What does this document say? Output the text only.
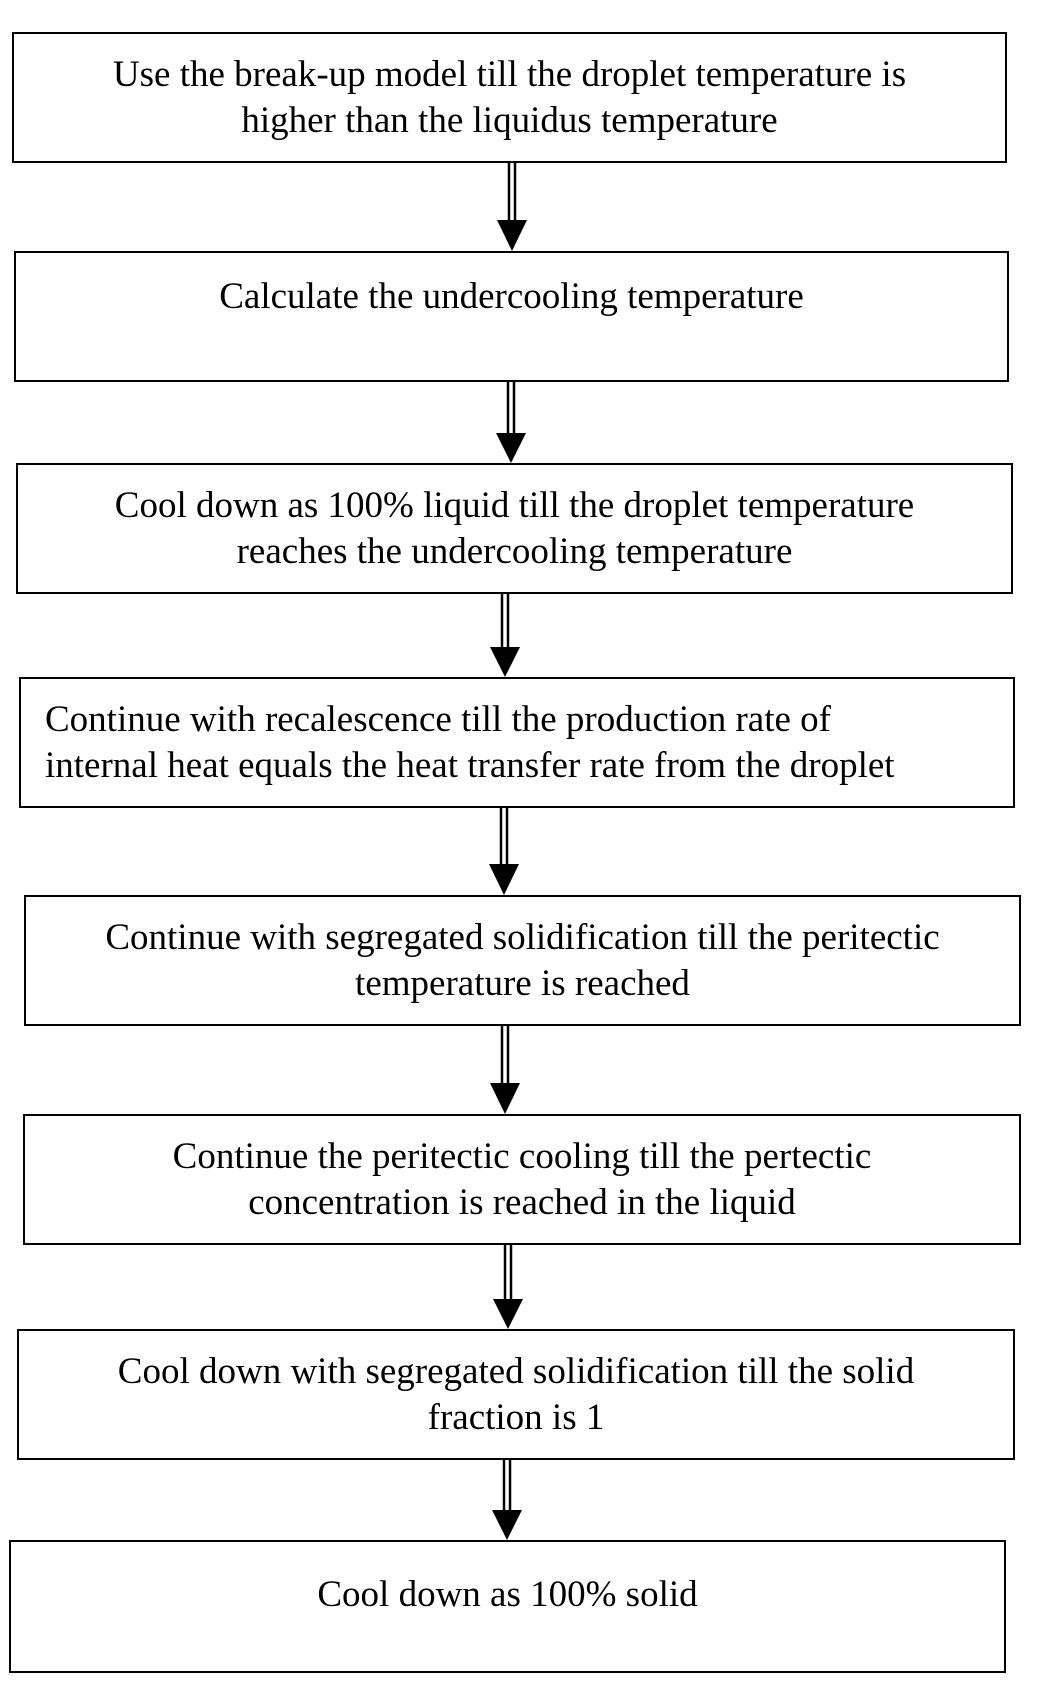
Use the break-up model till the droplet temperature is
higher than the liquidus temperature
Calculate the undercooling temperature
Cool down as 100% liquid till the droplet temperature
reaches the undercooling temperature
Continue with recalescence till the production rate of
internal heat equals the heat transfer rate from the droplet
Continue with segregated solidification till the peritectic
temperature is reached
Continue the peritectic cooling till the pertectic
concentration is reached in the liquid
Cool down with segregated solidification till the solid
fraction is 1
Cool down as 100% solid
